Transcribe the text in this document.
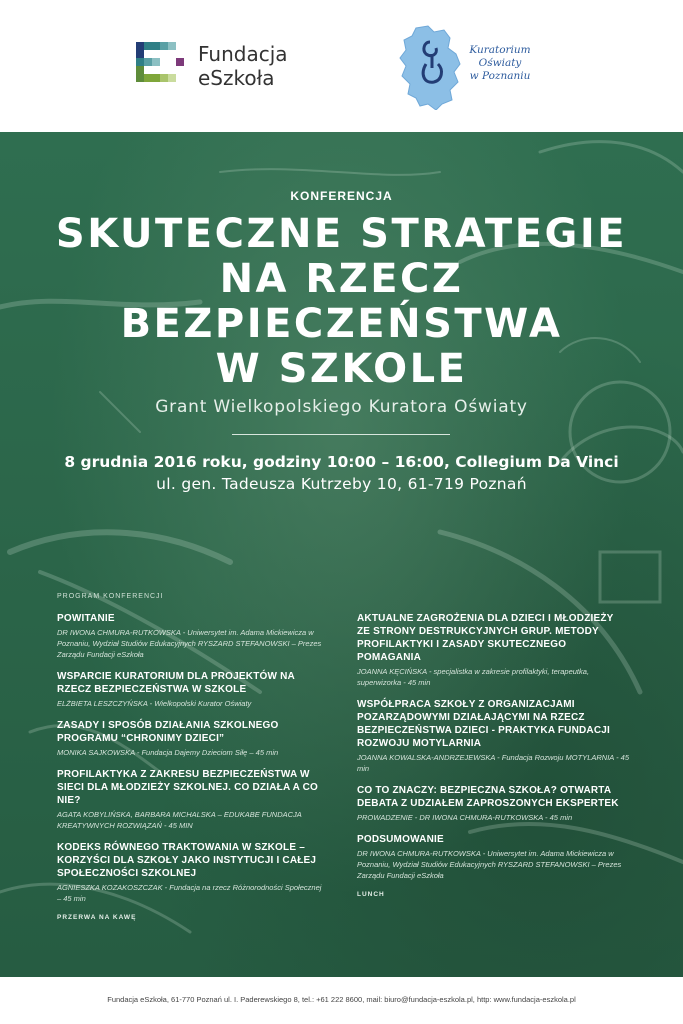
Fundacja
eSzkoła
Kuratorium
Oświaty
w Poznaniu
KONFERENCJA
SKUTECZNE STRATEGIE
NA RZECZ
BEZPIECZEŃSTWA
W SZKOLE
Grant Wielkopolskiego Kuratora Oświaty
8 grudnia 2016 roku, godziny 10:00 – 16:00, Collegium Da Vinci
ul. gen. Tadeusza Kutrzeby 10, 61-719 Poznań
PROGRAM KONFERENCJI
POWITANIE
DR IWONA CHMURA-RUTKOWSKA - Uniwersytet im. Adama Mickiewicza w Poznaniu, Wydział Studiów Edukacyjnych RYSZARD STEFANOWSKI – Prezes Zarządu Fundacji eSzkoła
WSPARCIE KURATORIUM DLA PROJEKTÓW NA RZECZ BEZPIECZEŃSTWA W SZKOLE
ELŻBIETA LESZCZYŃSKA - Wielkopolski Kurator Oświaty
ZASADY I SPOSÓB DZIAŁANIA SZKOLNEGO PROGRAMU “CHRONIMY DZIECI”
MONIKA SAJKOWSKA - Fundacja Dajemy Dzieciom Siłę – 45 min
PROFILAKTYKA Z ZAKRESU BEZPIECZEŃSTWA W SIECI DLA MŁODZIEŻY SZKOLNEJ. CO DZIAŁA A CO NIE?
AGATA KOBYLIŃSKA, BARBARA MICHALSKA – EDUKABE FUNDACJA KREATYWNYCH ROZWIĄZAŃ - 45 MIN
KODEKS RÓWNEGO TRAKTOWANIA W SZKOLE – KORZYŚCI DLA SZKOŁY JAKO INSTYTUCJI I CAŁEJ SPOŁECZNOŚCI SZKOLNEJ
AGNIESZKA KOZAKOSZCZAK - Fundacja na rzecz Różnorodności Społecznej – 45 min
PRZERWA NA KAWĘ
AKTUALNE ZAGROŻENIA DLA DZIECI I MŁODZIEŻY ZE STRONY DESTRUKCYJNYCH GRUP. METODY PROFILAKTYKI I ZASADY SKUTECZNEGO POMAGANIA
JOANNA KĘCIŃSKA - specjalistka w zakresie profilaktyki, terapeutka, superwizorka - 45 min
WSPÓŁPRACA SZKOŁY Z ORGANIZACJAMI POZARZĄDOWYMI DZIAŁAJĄCYMI NA RZECZ BEZPIECZEŃSTWA DZIECI - PRAKTYKA FUNDACJI ROZWOJU MOTYLARNIA
JOANNA KOWALSKA-ANDRZEJEWSKA - Fundacja Rozwoju MOTYLARNIA - 45 min
CO TO ZNACZY: BEZPIECZNA SZKOŁA? OTWARTA DEBATA Z UDZIAŁEM ZAPROSZONYCH EKSPERTEK
PROWADZENIE - DR IWONA CHMURA-RUTKOWSKA - 45 min
PODSUMOWANIE
DR IWONA CHMURA-RUTKOWSKA - Uniwersytet im. Adama Mickiewicza w Poznaniu, Wydział Studiów Edukacyjnych RYSZARD STEFANOWSKI – Prezes Zarządu Fundacji eSzkoła
LUNCH
Fundacja eSzkoła, 61-770 Poznań ul. I. Paderewskiego 8, tel.: +61 222 8600, mail: biuro@fundacja-eszkola.pl, http: www.fundacja-eszkola.pl
